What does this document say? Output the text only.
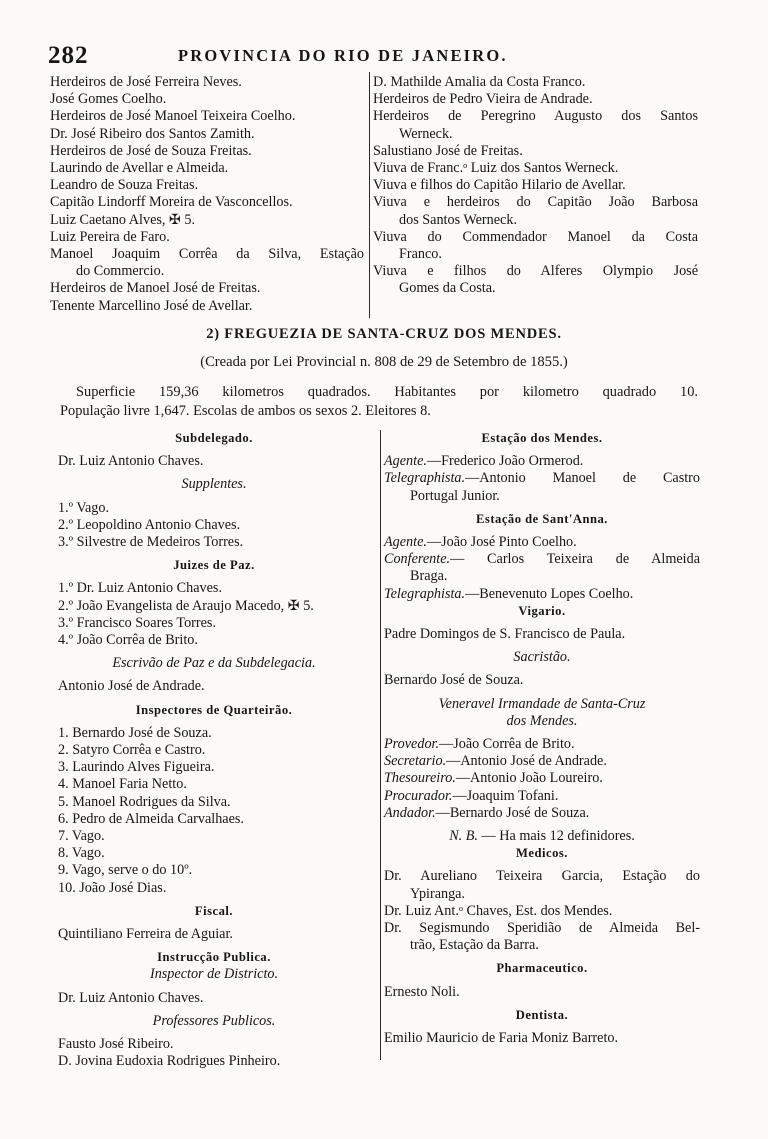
282	PROVINCIA DO RIO DE JANEIRO.
Herdeiros de José Ferreira Neves.
José Gomes Coelho.
Herdeiros de José Manoel Teixeira Coelho.
Dr. José Ribeiro dos Santos Zamith.
Herdeiros de José de Souza Freitas.
Laurindo de Avellar e Almeida.
Leandro de Souza Freitas.
Capitão Lindorff Moreira de Vasconcellos.
Luiz Caetano Alves, ✠ 5.
Luiz Pereira de Faro.
Manoel Joaquim Corrêa da Silva, Estação
do Commercio.
Herdeiros de Manoel José de Freitas.
Tenente Marcellino José de Avellar.
D. Mathilde Amalia da Costa Franco.
Herdeiros de Pedro Vieira de Andrade.
Herdeiros de Peregrino Augusto dos Santos
Werneck.
Salustiano José de Freitas.
Viuva de Franc.ᵒ Luiz dos Santos Werneck.
Viuva e filhos do Capitão Hilario de Avellar.
Viuva e herdeiros do Capitão João Barbosa
dos Santos Werneck.
Viuva do Commendador Manoel da Costa
Franco.
Viuva e filhos do Alferes Olympio José
Gomes da Costa.
2) FREGUEZIA DE SANTA-CRUZ DOS MENDES.
(Creada por Lei Provincial n. 808 de 29 de Setembro de 1855.)
Superficie 159,36 kilometros quadrados. Habitantes por kilometro quadrado 10.
População livre 1,647. Escolas de ambos os sexos 2. Eleitores 8.
Subdelegado.
Dr. Luiz Antonio Chaves.
Supplentes.
1.º Vago.
2.º Leopoldino Antonio Chaves.
3.º Silvestre de Medeiros Torres.
Juizes de Paz.
1.º Dr. Luiz Antonio Chaves.
2.º João Evangelista de Araujo Macedo, ✠ 5.
3.º Francisco Soares Torres.
4.º João Corrêa de Brito.
Escrivão de Paz e da Subdelegacia.
Antonio José de Andrade.
Inspectores de Quarteirão.
1. Bernardo José de Souza.
2. Satyro Corrêa e Castro.
3. Laurindo Alves Figueira.
4. Manoel Faria Netto.
5. Manoel Rodrigues da Silva.
6. Pedro de Almeida Carvalhaes.
7. Vago.
8. Vago.
9. Vago, serve o do 10º.
10. João José Dias.
Fiscal.
Quintiliano Ferreira de Aguiar.
Instrucção Publica.
Inspector de Districto.
Dr. Luiz Antonio Chaves.
Professores Publicos.
Fausto José Ribeiro.
D. Jovina Eudoxia Rodrigues Pinheiro.
Estação dos Mendes.
Agente.—Frederico João Ormerod.
Telegraphista.—Antonio Manoel de Castro
Portugal Junior.
Estação de Sant'Anna.
Agente.—João José Pinto Coelho.
Conferente.— Carlos Teixeira de Almeida
Braga.
Telegraphista.—Benevenuto Lopes Coelho.
Vigario.
Padre Domingos de S. Francisco de Paula.
Sacristão.
Bernardo José de Souza.
Veneravel Irmandade de Santa-Cruz
dos Mendes.
Provedor.—João Corrêa de Brito.
Secretario.—Antonio José de Andrade.
Thesoureiro.—Antonio João Loureiro.
Procurador.—Joaquim Tofani.
Andador.—Bernardo José de Souza.
N. B. — Ha mais 12 definidores.
Medicos.
Dr. Aureliano Teixeira Garcia, Estação do
Ypiranga.
Dr. Luiz Ant.ᵒ Chaves, Est. dos Mendes.
Dr. Segismundo Speridião de Almeida Bel-
trão, Estação da Barra.
Pharmaceutico.
Ernesto Noli.
Dentista.
Emilio Mauricio de Faria Moniz Barreto.
